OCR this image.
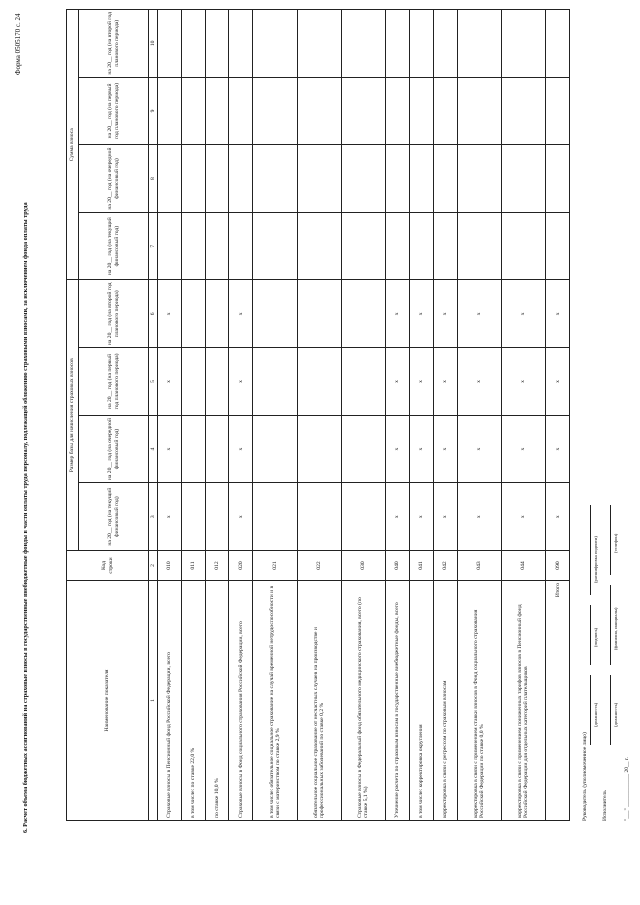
Форма 0505170 с. 24
6. Расчет объема бюджетных ассигнований на страховые взносы в государственные внебюджетные фонды в части оплаты труда персоналу, подлежащей обложению страховыми взносами, за исключением фонда оплаты труда	Наименование показателя	Код строки	Размер базы для начисления страховых взносов				Сумма взноса			
		на 20__ год (на текущий финансовый год)	на 20__ год (на очередной финансовый год)	на 20__ год (на первый год планового периода)	на 20__ год (на второй год планового периода)	на 20__ год (на текущий финансовый год)	на 20__ год (на очередной финансовый год)	на 20__ год (на первый год планового периода)	на 20__ год (на второй год планового периода)
1	2	3	4	5	6	7	8	9	10
Страховые взносы в Пенсионный фонд Российской Федерации, всего	010	x	x	x	x				
в том числе: по ставке 22,0 %	011								
по ставке 10,0 %	012								
Страховые взносы в Фонд социального страхования Российской Федерации, всего	020	x	x	x	x				
в том числе: обязательное социальное страхование на случай временной нетрудоспособности и в связи с материнством по ставке 2,9 %	021								
обязательное социальное страхование от несчастных случаев на производстве и профессиональных заболеваний по ставке 0,2 %	022								
Страховые взносы в Федеральный фонд обязательного медицинского страхования, всего (по ставке 5,1 %)	030								
Уточнение расчета по страховым взносам в государственные внебюджетные фонды, всего	040	x	x	x	x				
в том числе: корректировка округления	041	x	x	x	x				
корректировка в связи с регрессом по страховым взносам	042	x	x	x	x				
корректировка в связи с применением ставки взносов в Фонд социального страхования Российской Федерации по ставке 0,0 %	043	x	x	x	x				
корректировка в связи с применением пониженных тарифов взносов в Пенсионный фонд Российской Федерации для отдельных категорий плательщиков	044	x	x	x	x				
Итого	090	x	x	x	x				
Руководитель (уполномоченное лицо)
(должность)
(подпись)
(расшифровка подписи)
Исполнитель
(должность)
(фамилия, инициалы)
(телефон)
"___" ____________ 20__ г.
